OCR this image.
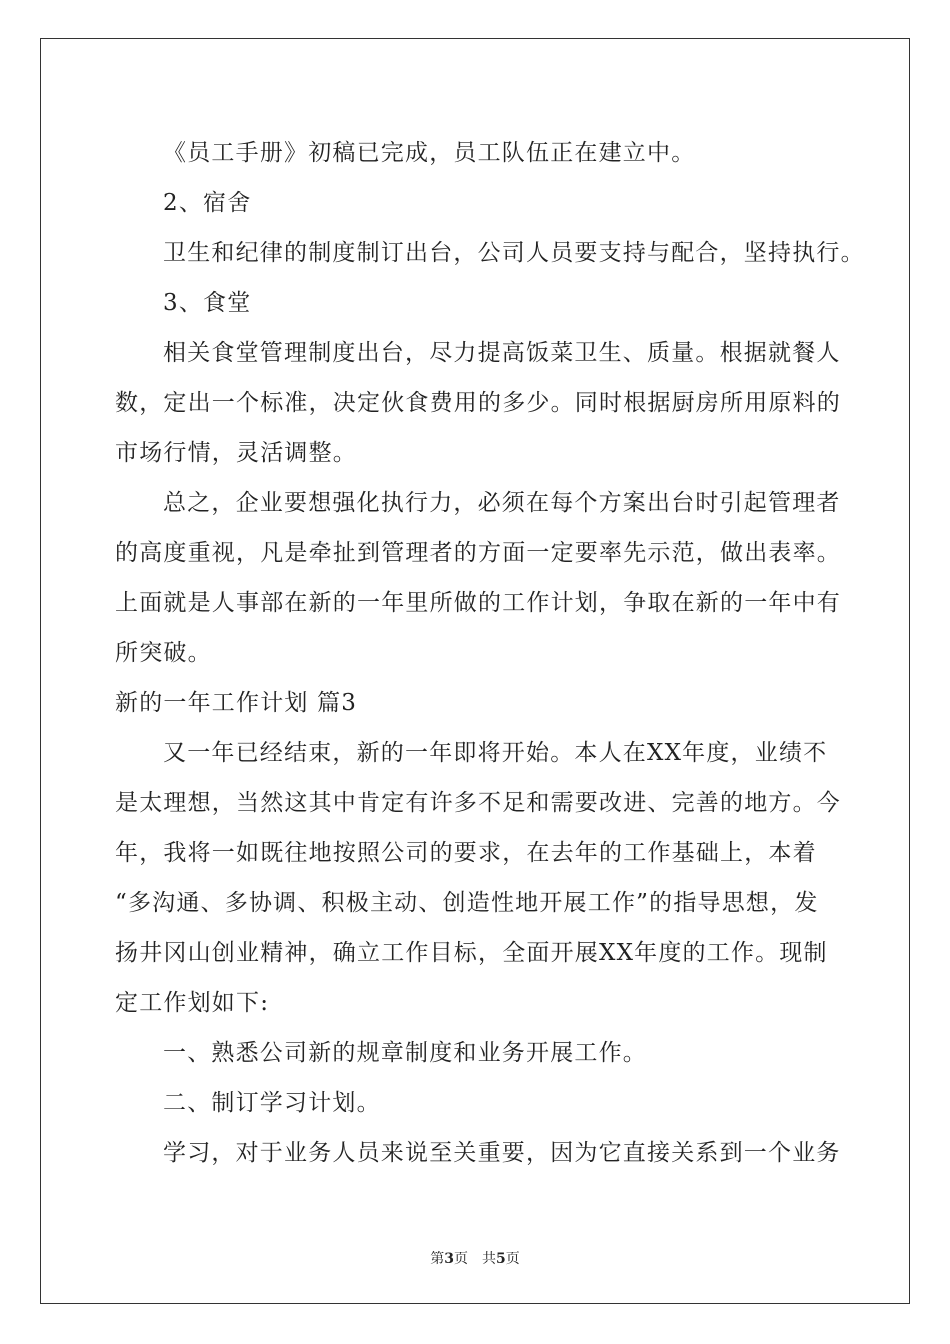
《员工手册》初稿已完成，员工队伍正在建立中。
2、宿舍
卫生和纪律的制度制订出台，公司人员要支持与配合，坚持执行。
3、食堂
相关食堂管理制度出台，尽力提高饭菜卫生、质量。根据就餐人
数，定出一个标准，决定伙食费用的多少。同时根据厨房所用原料的
市场行情，灵活调整。
总之，企业要想强化执行力，必须在每个方案出台时引起管理者
的高度重视，凡是牵扯到管理者的方面一定要率先示范，做出表率。
上面就是人事部在新的一年里所做的工作计划，争取在新的一年中有
所突破。
新的一年工作计划 篇3
又一年已经结束，新的一年即将开始。本人在XX年度，业绩不
是太理想，当然这其中肯定有许多不足和需要改进、完善的地方。今
年，我将一如既往地按照公司的要求，在去年的工作基础上，本着
“多沟通、多协调、积极主动、创造性地开展工作”的指导思想，发
扬井冈山创业精神，确立工作目标，全面开展XX年度的工作。现制
定工作划如下:
一、熟悉公司新的规章制度和业务开展工作。
二、制订学习计划。
学习，对于业务人员来说至关重要，因为它直接关系到一个业务
第3页　共5页
